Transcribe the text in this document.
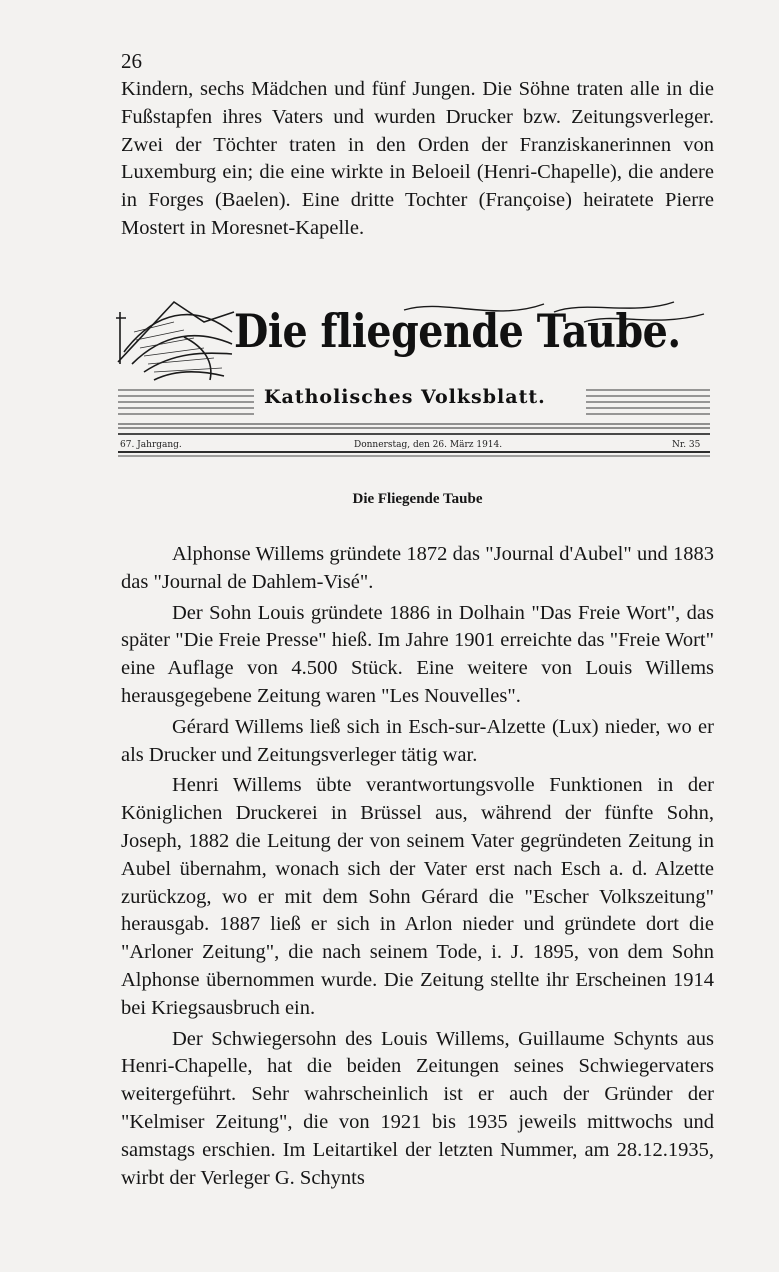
26

Kindern, sechs Mädchen und fünf Jungen. Die Söhne traten alle in die Fußstapfen ihres Vaters und wurden Drucker bzw. Zeitungsverleger. Zwei der Töchter traten in den Orden der Franziskanerinnen von Luxemburg ein; die eine wirkte in Beloeil (Henri-Chapelle), die andere in Forges (Baelen). Eine dritte Tochter (Françoise) heiratete Pierre Mostert in Moresnet-Kapelle.

Die fliegende Taube.
Katholisches Volksblatt.
67. Jahrgang.	Donnerstag, den 26. März 1914.	Nr. 35
Die Fliegende Taube

Alphonse Willems gründete 1872 das "Journal d'Aubel" und 1883 das "Journal de Dahlem-Visé".

Der Sohn Louis gründete 1886 in Dolhain "Das Freie Wort", das später "Die Freie Presse" hieß. Im Jahre 1901 erreichte das "Freie Wort" eine Auflage von 4.500 Stück. Eine weitere von Louis Willems herausgegebene Zeitung waren "Les Nouvelles".

Gérard Willems ließ sich in Esch-sur-Alzette (Lux) nieder, wo er als Drucker und Zeitungsverleger tätig war.

Henri Willems übte verantwortungsvolle Funktionen in der Königlichen Druckerei in Brüssel aus, während der fünfte Sohn, Joseph, 1882 die Leitung der von seinem Vater gegründeten Zeitung in Aubel übernahm, wonach sich der Vater erst nach Esch a. d. Alzette zurückzog, wo er mit dem Sohn Gérard die "Escher Volkszeitung" herausgab. 1887 ließ er sich in Arlon nieder und gründete dort die "Arloner Zeitung", die nach seinem Tode, i. J. 1895, von dem Sohn Alphonse übernommen wurde. Die Zeitung stellte ihr Erscheinen 1914 bei Kriegsausbruch ein.

Der Schwiegersohn des Louis Willems, Guillaume Schynts aus Henri-Chapelle, hat die beiden Zeitungen seines Schwiegervaters weitergeführt. Sehr wahrscheinlich ist er auch der Gründer der "Kelmiser Zeitung", die von 1921 bis 1935 jeweils mittwochs und samstags erschien. Im Leitartikel der letzten Nummer, am 28.12.1935, wirbt der Verleger G. Schynts
